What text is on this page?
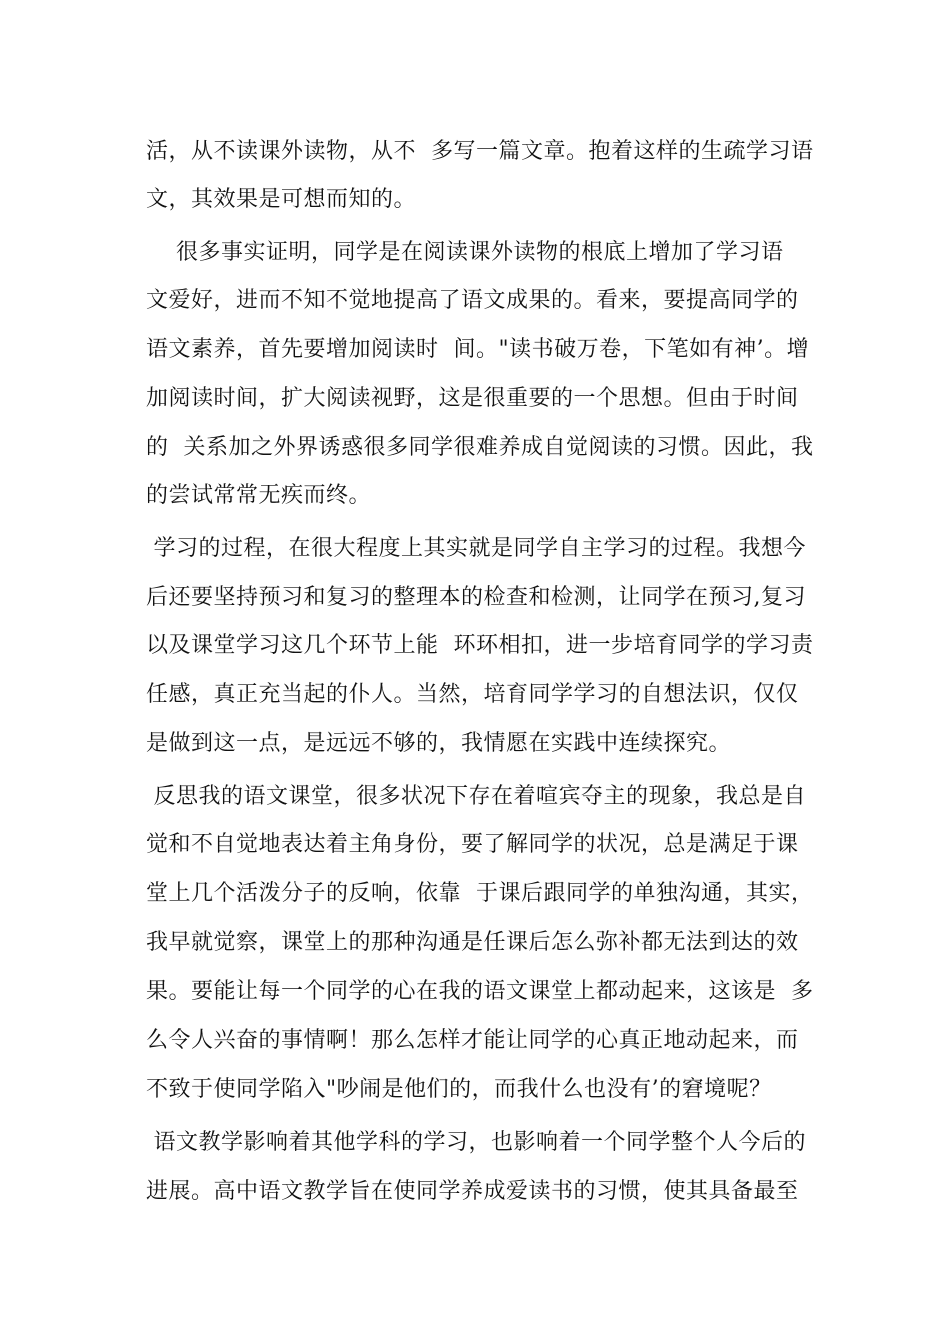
活，从不读课外读物，从不  多写一篇文章。抱着这样的生疏学习语
文，其效果是可想而知的。
很多事实证明，同学是在阅读课外读物的根底上增加了学习语
文爱好，进而不知不觉地提高了语文成果的。看来，要提高同学的
语文素养，首先要增加阅读时  间。"读书破万卷，下笔如有神’。增
加阅读时间，扩大阅读视野，这是很重要的一个思想。但由于时间
的  关系加之外界诱惑很多同学很难养成自觉阅读的习惯。因此，我
的尝试常常无疾而终。
学习的过程，在很大程度上其实就是同学自主学习的过程。我想今
后还要坚持预习和复习的整理本的检查和检测，让同学在预习,复习
以及课堂学习这几个环节上能  环环相扣，进一步培育同学的学习责
任感，真正充当起的仆人。当然，培育同学学习的自想法识，仅仅
是做到这一点，是远远不够的，我情愿在实践中连续探究。
反思我的语文课堂，很多状况下存在着喧宾夺主的现象，我总是自
觉和不自觉地表达着主角身份，要了解同学的状况，总是满足于课
堂上几个活泼分子的反响，依靠  于课后跟同学的单独沟通，其实，
我早就觉察，课堂上的那种沟通是任课后怎么弥补都无法到达的效
果。要能让每一个同学的心在我的语文课堂上都动起来，这该是  多
么令人兴奋的事情啊！那么怎样才能让同学的心真正地动起来，而
不致于使同学陷入"吵闹是他们的，而我什么也没有’的窘境呢？
语文教学影响着其他学科的学习，也影响着一个同学整个人今后的
进展。高中语文教学旨在使同学养成爱读书的习惯，使其具备最至
